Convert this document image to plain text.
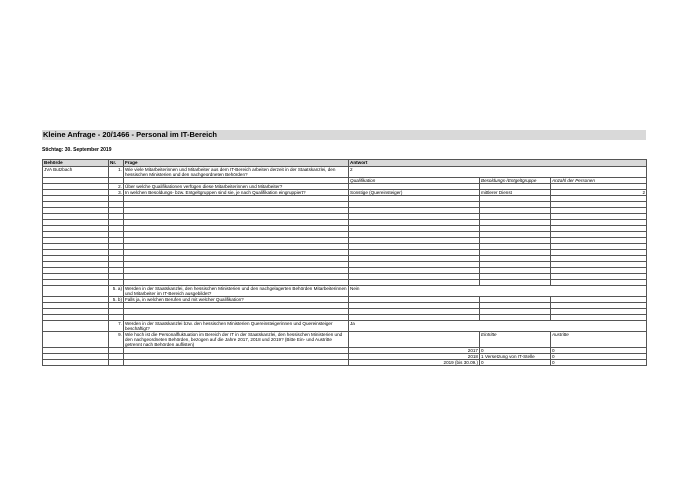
Kleine Anfrage - 20/1466 - Personal im IT-Bereich
Stichtag: 30. September 2019
Behörde	Nr.	Frage	Antwort		
JVA Butzbach	1.	Wie viele Mitarbeiterinnen und Mitarbeiter aus dem IT-Bereich arbeiten derzeit in der Staatskanzlei, den hessischen Ministerien und den nachgeordneten Behörden?	2		
			Qualifikation	Besoldungs-/Entgeltgruppe	Anzahl der Personen
	2.	Über welche Qualifikationen verfügen diese Mitarbeiterinnen und Mitarbeiter?			
	3.	In welchen Besoldungs- bzw. Entgeltgruppen sind sie, je nach Qualifikation eingruppiert?	Sonstige (Quereinsteiger)	mittlerer Dienst	2

	5. a)	Werden in der Staatskanzlei, den hessischen Ministerien und den nachgelagerten Behörden Mitarbeiterinnen und Mitarbeiter im IT-Bereich ausgebildet?	Nein		
	5. b)	Falls ja, in welchen Berufen und mit welcher Qualifikation?			

	7.	Werden in der Staatskanzlei bzw. den hessischen Ministerien Quereinsteigerinnen und Quereinsteiger beschäftigt?	Ja		
	9.	Wie hoch ist die Personalfluktuation im Bereich der IT in der Staatskanzlei, den hessischen Ministerien und den nachgeordneten Behörden, bezogen auf die Jahre 2017, 2018 und 2019? (Bitte Ein- und Austritte getrennt nach Behörden auflisten)		Eintritte	Austritte
			2017	0	0
			2018	1 Versetzung von IT-Stelle	0
			2019 (bis 30.09.)	0	0
